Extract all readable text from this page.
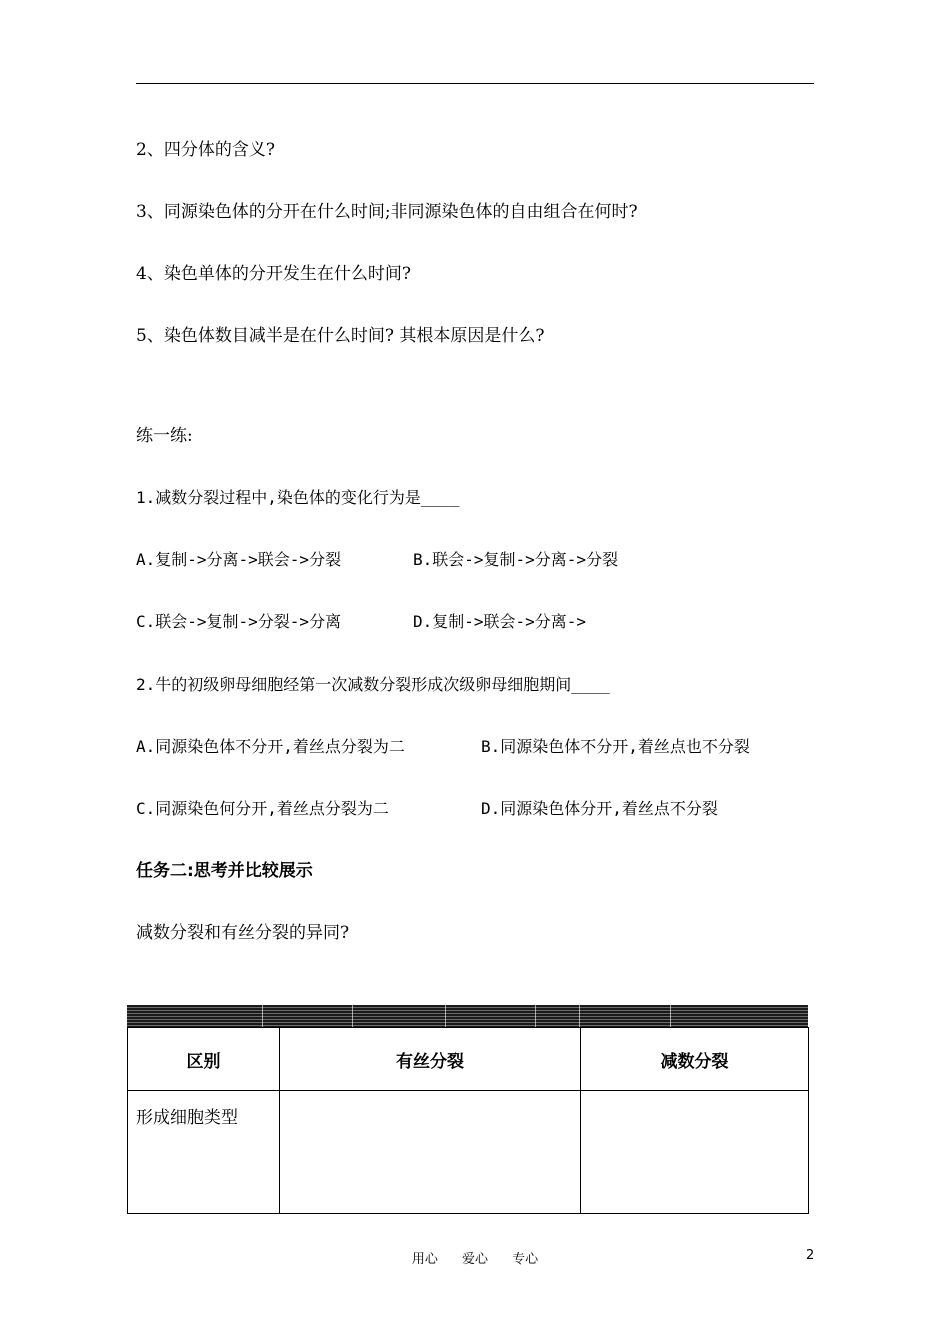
2、四分体的含义?
3、同源染色体的分开在什么时间;非同源染色体的自由组合在何时?
4、染色单体的分开发生在什么时间?
5、染色体数目减半是在什么时间? 其根本原因是什么?
练一练:
1.减数分裂过程中,染色体的变化行为是____
A.复制->分离->联会->分裂	B.联会->复制->分离->分裂
C.联会->复制->分裂->分离	D.复制->联会->分离->
2.牛的初级卵母细胞经第一次减数分裂形成次级卵母细胞期间____
A.同源染色体不分开,着丝点分裂为二	B.同源染色体不分开,着丝点也不分裂
C.同源染色何分开,着丝点分裂为二	D.同源染色体分开,着丝点不分裂
任务二:思考并比较展示
减数分裂和有丝分裂的异同?
区别	有丝分裂	减数分裂
形成细胞类型		
用心 爱心 专心	2
